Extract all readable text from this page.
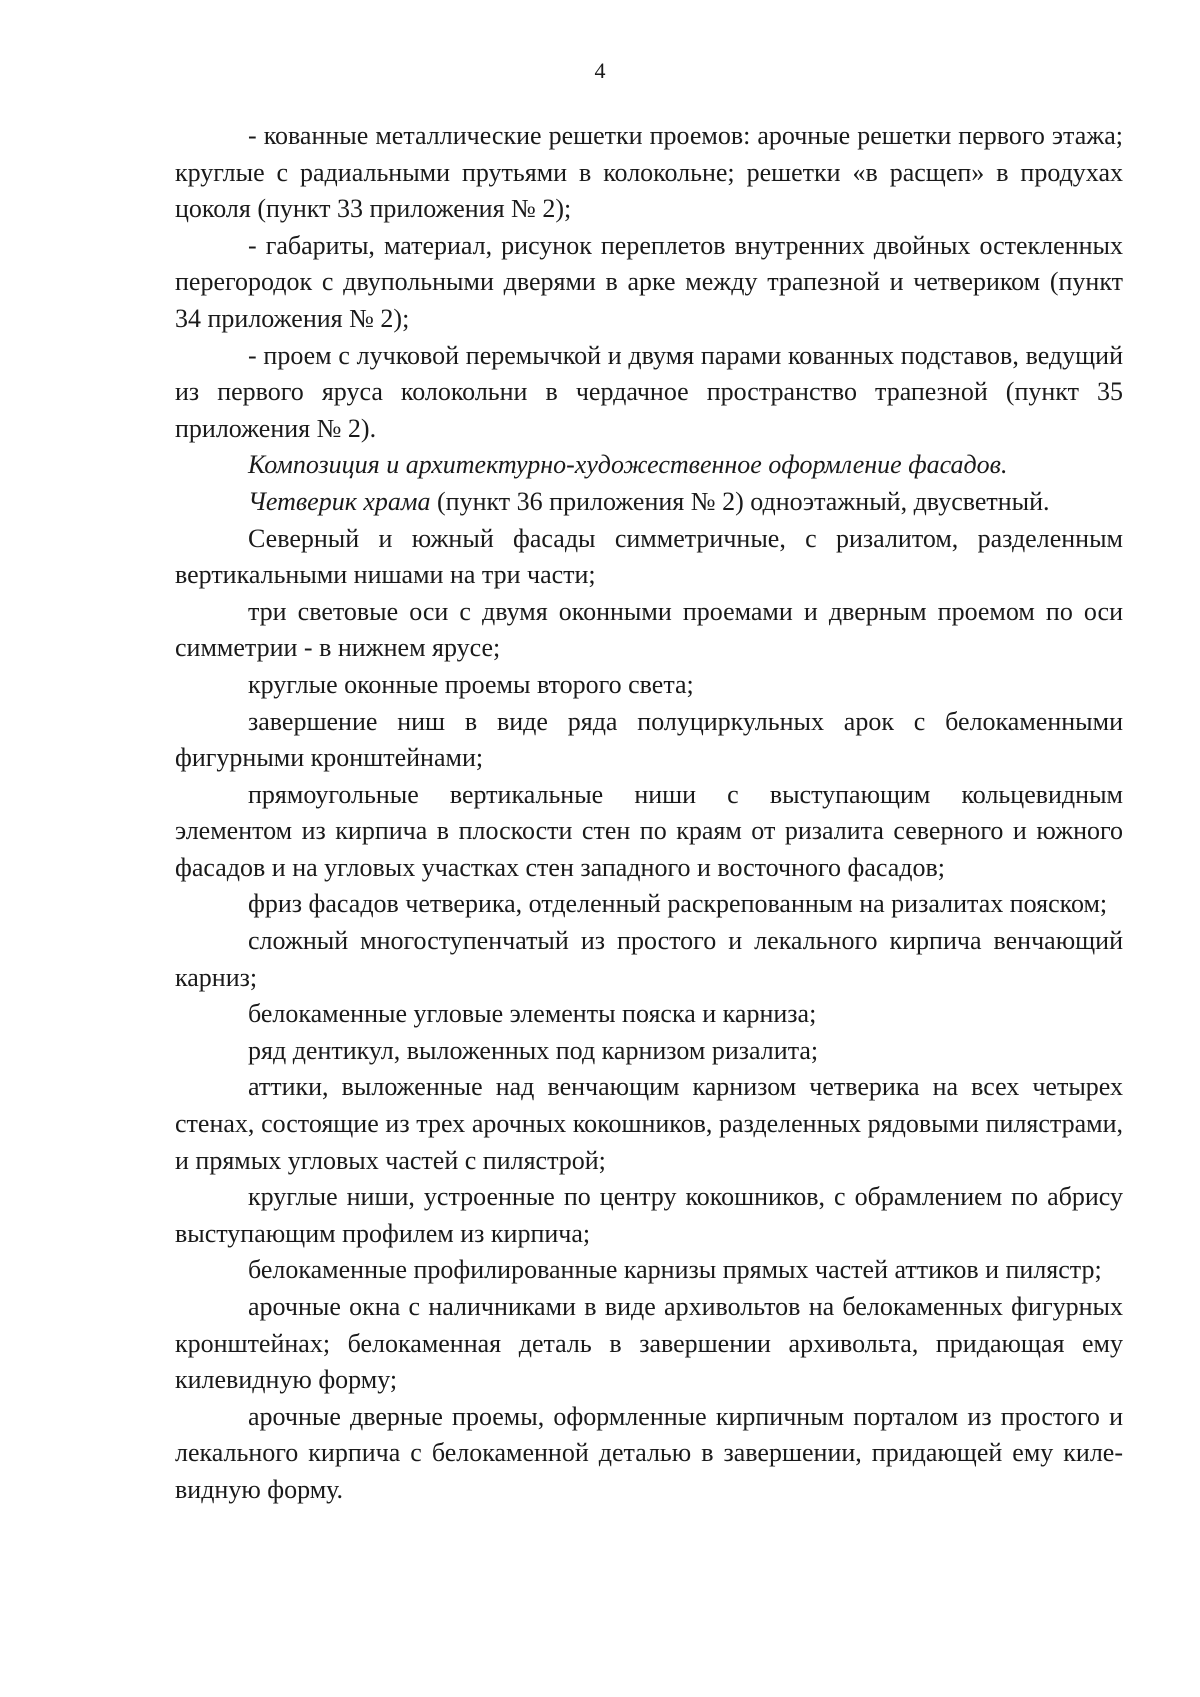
4

- кованные металлические решетки проемов: арочные решетки первого этажа; круглые с радиальными прутьями в колокольне; решетки «в расщеп» в продухах цоколя (пункт 33 приложения № 2);

- габариты, материал, рисунок переплетов внутренних двойных остекленных перегородок с двупольными дверями в арке между трапезной и четвериком (пункт 34 приложения № 2);

- проем с лучковой перемычкой и двумя парами кованных подставов, ведущий из первого яруса колокольни в чердачное пространство трапезной (пункт 35 приложения № 2).

Композиция и архитектурно-художественное оформление фасадов.

Четверик храма (пункт 36 приложения № 2) одноэтажный, двусветный.

Северный и южный фасады симметричные, с ризалитом, разделенным вертикальными нишами на три части;

три световые оси с двумя оконными проемами и дверным проемом по оси симметрии - в нижнем ярусе;

круглые оконные проемы второго света;

завершение ниш в виде ряда полуциркульных арок с белокаменными фигурными кронштейнами;

прямоугольные вертикальные ниши с выступающим кольцевидным элементом из кирпича в плоскости стен по краям от ризалита северного и южного фасадов и на угловых участках стен западного и восточного фасадов;

фриз фасадов четверика, отделенный раскрепованным на ризалитах пояском;

сложный многоступенчатый из простого и лекального кирпича венчающий карниз;

белокаменные угловые элементы пояска и карниза;

ряд дентикул, выложенных под карнизом ризалита;

аттики, выложенные над венчающим карнизом четверика на всех четырех стенах, состоящие из трех арочных кокошников, разделенных рядовыми пилястрами, и прямых угловых частей с пилястрой;

круглые ниши, устроенные по центру кокошников, с обрамлением по абрису выступающим профилем из кирпича;

белокаменные профилированные карнизы прямых частей аттиков и пилястр;

арочные окна с наличниками в виде архивольтов на белокаменных фигурных кронштейнах; белокаменная деталь в завершении архивольта, придающая ему килевидную форму;

арочные дверные проемы, оформленные кирпичным порталом из простого и лекального кирпича с белокаменной деталью в завершении, придающей ему киле-видную форму.
